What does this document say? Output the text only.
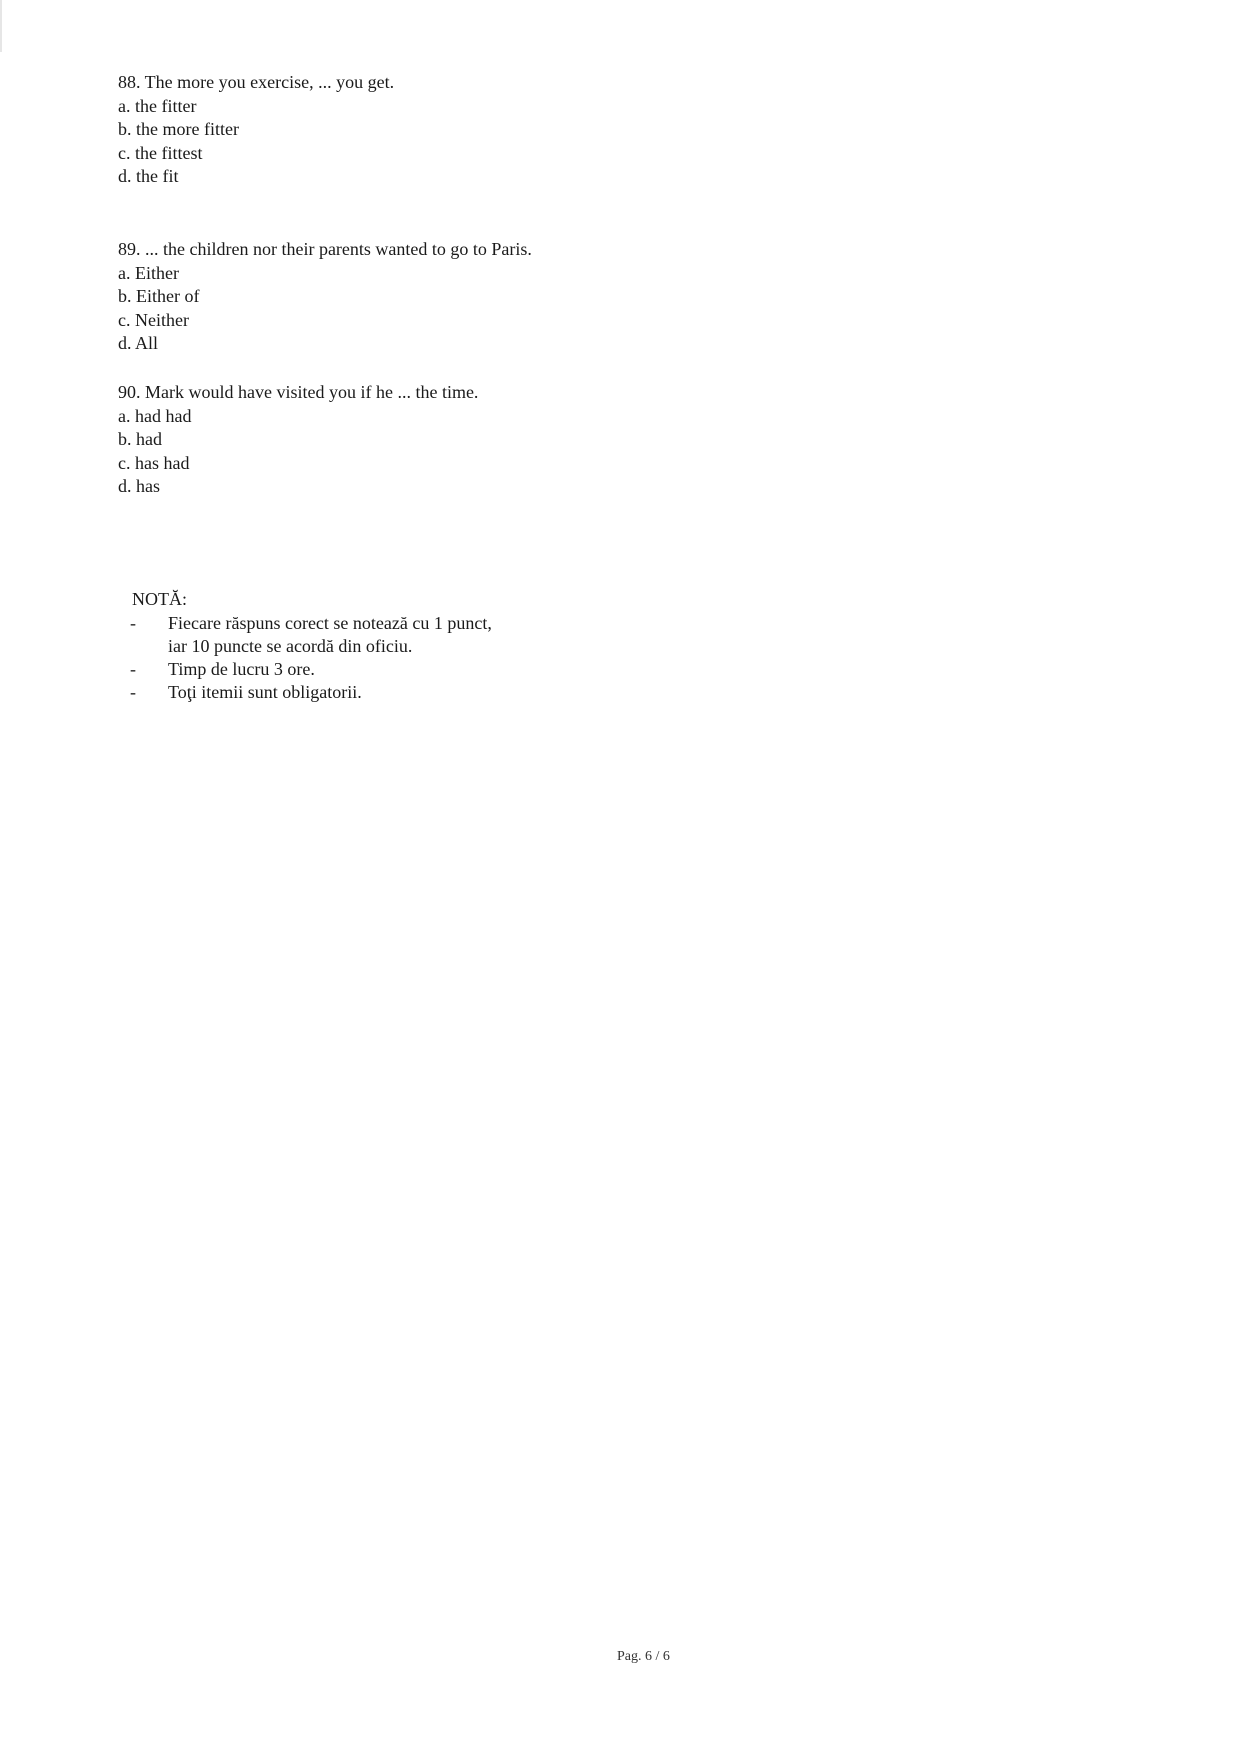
88. The more you exercise, ... you get.

a. the fitter

b. the more fitter

c. the fittest

d. the fit

89. ... the children nor their parents wanted to go to Paris.

a. Either

b. Either of

c. Neither

d. All

90. Mark would have visited you if he ... the time.

a. had had

b. had

c. has had

d. has

NOTĂ:

- Fiecare răspuns corect se notează cu 1 punct,
iar 10 puncte se acordă din oficiu.

- Timp de lucru 3 ore.

- Toţi itemii sunt obligatorii.

Pag. 6 / 6
